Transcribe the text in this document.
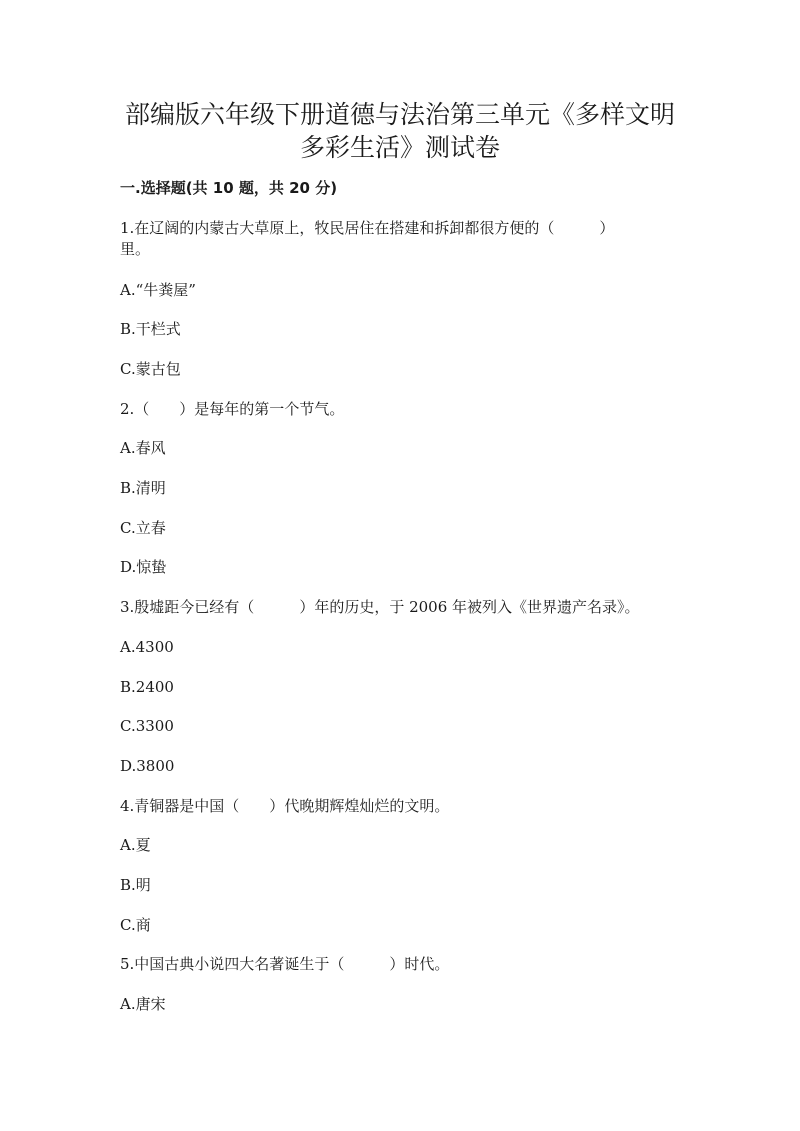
部编版六年级下册道德与法治第三单元《多样文明
多彩生活》测试卷
一.选择题(共 10 题，共 20 分)
1.在辽阔的内蒙古大草原上，牧民居住在搭建和拆卸都很方便的（　　　）
里。
A.“牛粪屋”
B.干栏式
C.蒙古包
2.（　　）是每年的第一个节气。
A.春风
B.清明
C.立春
D.惊蛰
3.殷墟距今已经有（　　　）年的历史，于 2006 年被列入《世界遗产名录》。
A.4300
B.2400
C.3300
D.3800
4.青铜器是中国（　　）代晚期辉煌灿烂的文明。
A.夏
B.明
C.商
5.中国古典小说四大名著诞生于（　　　）时代。
A.唐宋
